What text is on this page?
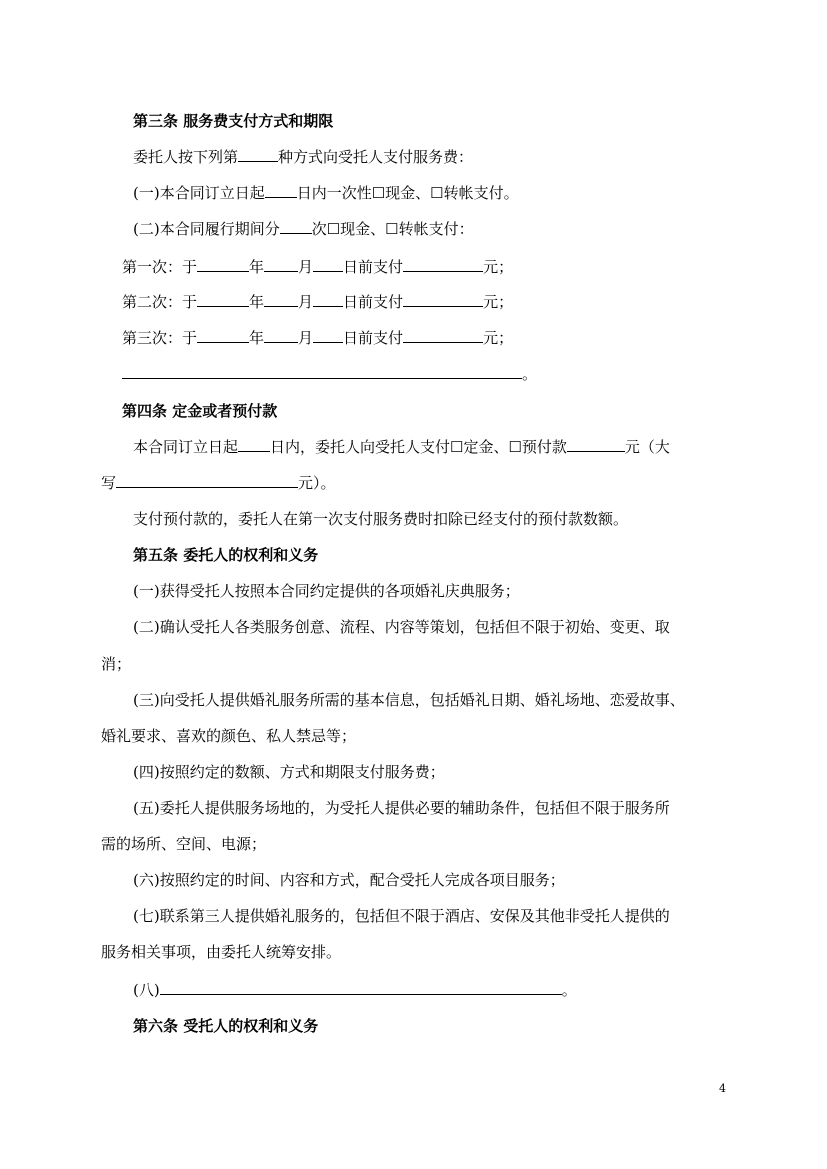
第三条 服务费支付方式和期限
委托人按下列第	种方式向受托人支付服务费：
(一)本合同订立日起 日内一次性☐现金、☐转帐支付。
(二)本合同履行期间分 次☐现金、☐转帐支付：
第一次：于	年 月 日前支付	元；
第二次：于	年 月 日前支付	元；
第三次：于	年 月 日前支付	元；
。
第四条 定金或者预付款
本合同订立日起 日内，委托人向受托人支付☐定金、☐预付款	元（大
写	元）。
支付预付款的，委托人在第一次支付服务费时扣除已经支付的预付款数额。
第五条 委托人的权利和义务
(一)获得受托人按照本合同约定提供的各项婚礼庆典服务；
(二)确认受托人各类服务创意、流程、内容等策划，包括但不限于初始、变更、取
消；
(三)向受托人提供婚礼服务所需的基本信息，包括婚礼日期、婚礼场地、恋爱故事、
婚礼要求、喜欢的颜色、私人禁忌等；
(四)按照约定的数额、方式和期限支付服务费；
(五)委托人提供服务场地的，为受托人提供必要的辅助条件，包括但不限于服务所
需的场所、空间、电源；
(六)按照约定的时间、内容和方式，配合受托人完成各项目服务；
(七)联系第三人提供婚礼服务的，包括但不限于酒店、安保及其他非受托人提供的
服务相关事项，由委托人统筹安排。
(八)	。
第六条 受托人的权利和义务
4
